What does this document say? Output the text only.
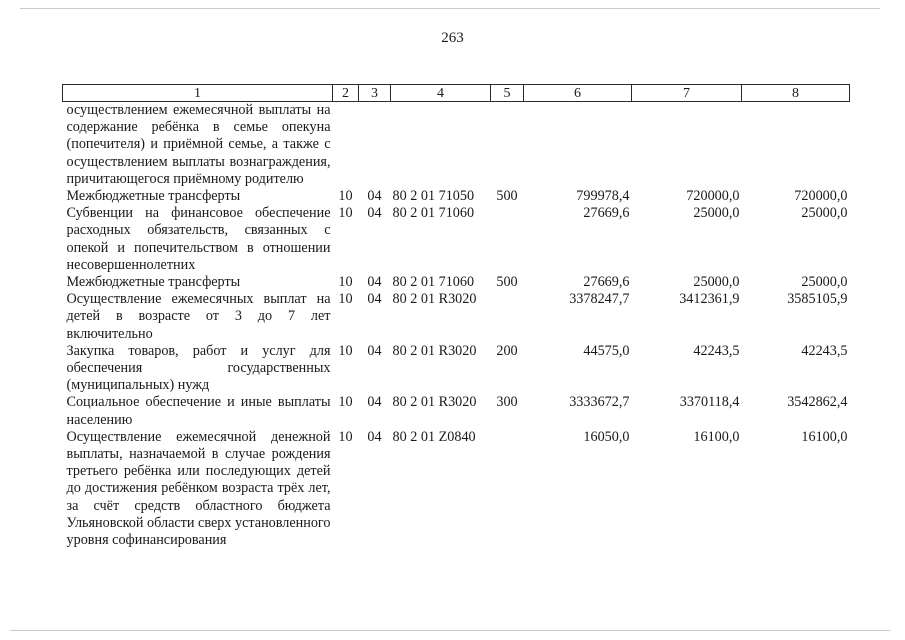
263
1	2	3	4	5	6	7	8
осуществлением ежемесячной выплаты на содержание ребёнка в семье опекуна (попечителя) и приёмной семье, а также с осуществлением выплаты вознаграждения, причитающегося приёмному родителю							
Межбюджетные трансферты	10	04	80 2 01 71050	500	799978,4	720000,0	720000,0
Субвенции на финансовое обеспечение расходных обязательств, связанных с опекой и попечительством в отношении несовершеннолетних	10	04	80 2 01 71060		27669,6	25000,0	25000,0
Межбюджетные трансферты	10	04	80 2 01 71060	500	27669,6	25000,0	25000,0
Осуществление ежемесячных выплат на детей в возрасте от 3 до 7 лет включительно	10	04	80 2 01 R3020		3378247,7	3412361,9	3585105,9
Закупка товаров, работ и услуг для обеспечения государственных (муниципальных) нужд	10	04	80 2 01 R3020	200	44575,0	42243,5	42243,5
Социальное обеспечение и иные выплаты населению	10	04	80 2 01 R3020	300	3333672,7	3370118,4	3542862,4
Осуществление ежемесячной денежной выплаты, назначаемой в случае рождения третьего ребёнка или последующих детей до достижения ребёнком возраста трёх лет, за счёт средств областного бюджета Ульяновской области сверх установленного уровня софинансирования	10	04	80 2 01 Z0840		16050,0	16100,0	16100,0
